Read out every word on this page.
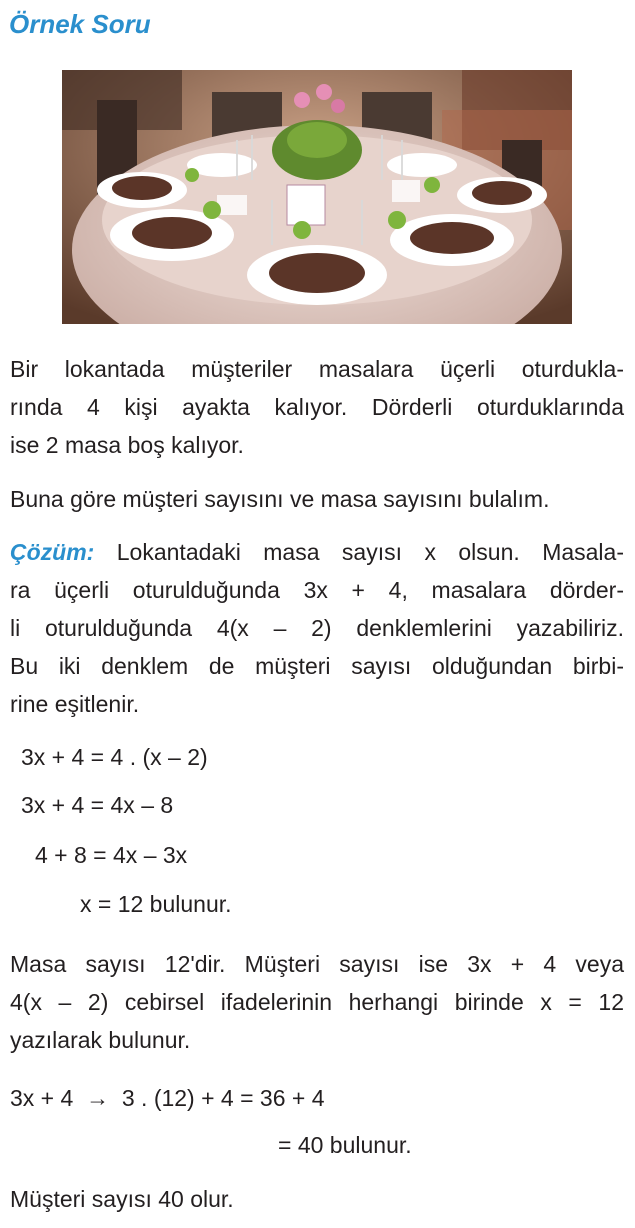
Örnek Soru
Bir lokantada müşteriler masalara üçerli oturdukla-
rında 4 kişi ayakta kalıyor. Dörderli oturduklarında
ise 2 masa boş kalıyor.
Buna göre müşteri sayısını ve masa sayısını bulalım.
Çözüm: Lokantadaki masa sayısı x olsun. Masala-
ra üçerli oturulduğunda 3x + 4, masalara dörder-
li oturulduğunda 4(x – 2) denklemlerini yazabiliriz.
Bu iki denklem de müşteri sayısı olduğundan birbi-
rine eşitlenir.
3x + 4 = 4 . (x – 2)
3x + 4 = 4x – 8
4 + 8 = 4x – 3x
x = 12 bulunur.
Masa sayısı 12'dir. Müşteri sayısı ise 3x + 4 veya
4(x – 2) cebirsel ifadelerinin herhangi birinde x = 12
yazılarak bulunur.
3x + 4  →  3 . (12) + 4 = 36 + 4
= 40 bulunur.
Müşteri sayısı 40 olur.
